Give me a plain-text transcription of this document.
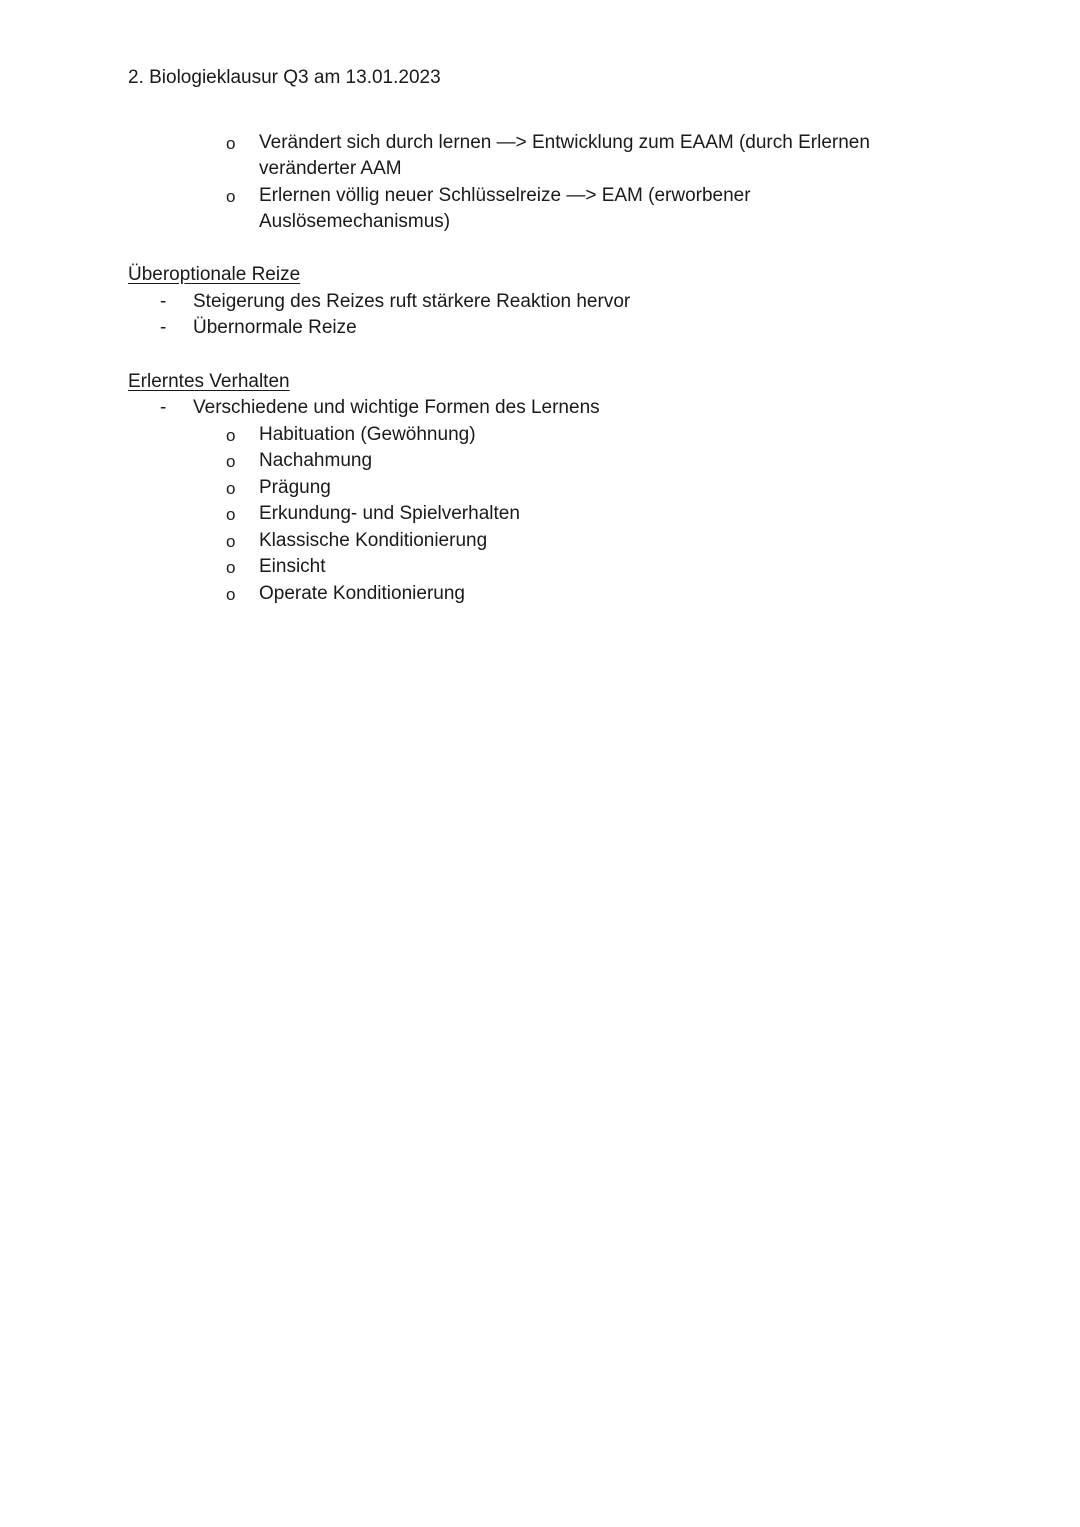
2. Biologieklausur Q3 am 13.01.2023
o Verändert sich durch lernen —> Entwicklung zum EAAM (durch Erlernen
veränderter AAM
o Erlernen völlig neuer Schlüsselreize —> EAM (erworbener
Auslösemechanismus)
Überoptionale Reize
- Steigerung des Reizes ruft stärkere Reaktion hervor
- Übernormale Reize
Erlerntes Verhalten
- Verschiedene und wichtige Formen des Lernens
o Habituation (Gewöhnung)
o Nachahmung
o Prägung
o Erkundung- und Spielverhalten
o Klassische Konditionierung
o Einsicht
o Operate Konditionierung
